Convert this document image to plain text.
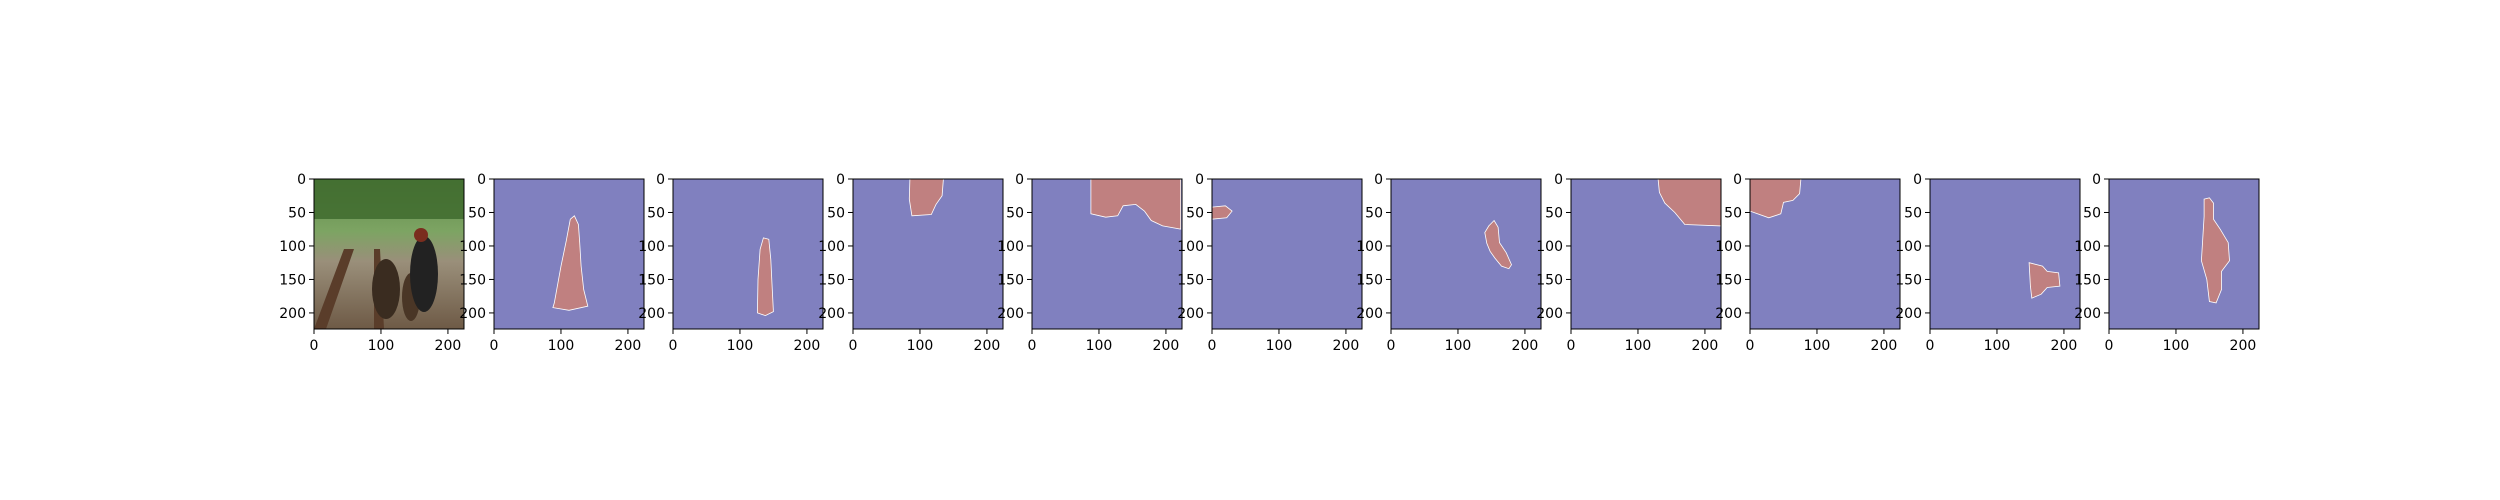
0
50
100
150
200
0	100	200
0
50
100
150
200
0	100	200
0
50
100
150
200
0	100	200
0
50
100
150
200
0	100	200
0
50
100
150
200
0	100	200
0
50
100
150
200
0	100	200
0
50
100
150
200
0	100	200
0
50
100
150
200
0	100	200
0
50
100
150
200
0	100	200
0
50
100
150
200
0	100	200
0
50
100
150
200
0	100	200
